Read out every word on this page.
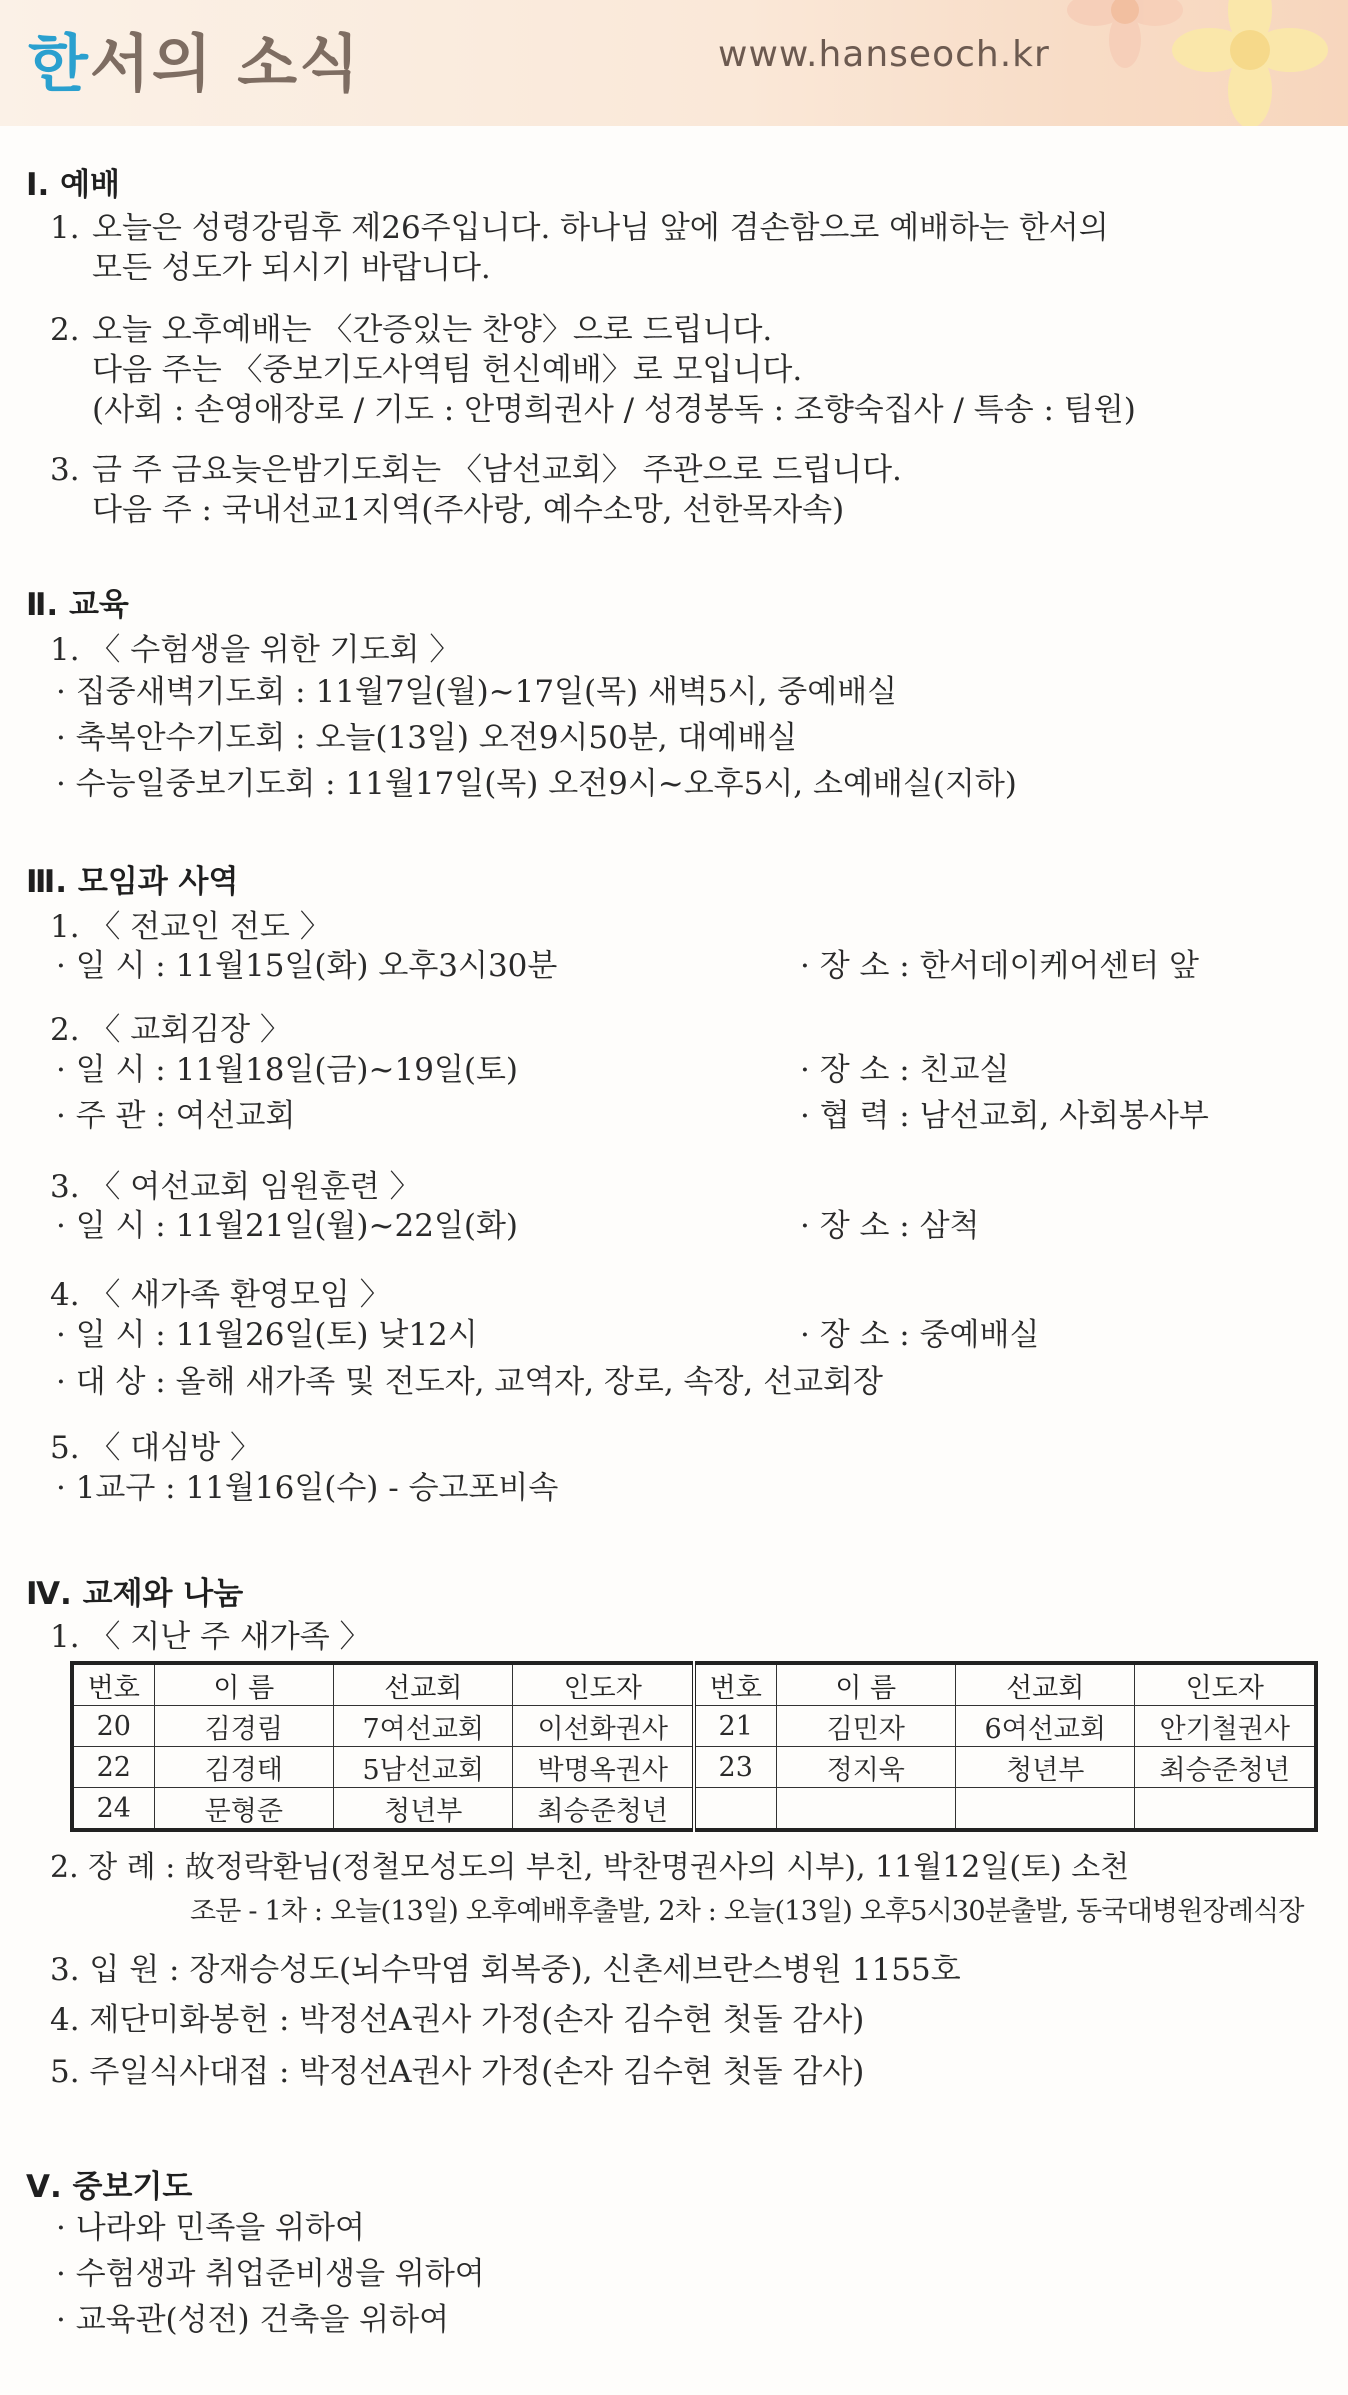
한서의 소식	www.hanseoch.kr
Ⅰ. 예배
1. 오늘은 성령강림후 제26주입니다. 하나님 앞에 겸손함으로 예배하는 한서의
모든 성도가 되시기 바랍니다.
2. 오늘 오후예배는 〈간증있는 찬양〉으로 드립니다.
다음 주는 〈중보기도사역팀 헌신예배〉로 모입니다.
(사회 : 손영애장로 / 기도 : 안명희권사 / 성경봉독 : 조향숙집사 / 특송 : 팀원)
3. 금 주 금요늦은밤기도회는 〈남선교회〉 주관으로 드립니다.
다음 주 : 국내선교1지역(주사랑, 예수소망, 선한목자속)
Ⅱ. 교육
1. 〈 수험생을 위한 기도회 〉
· 집중새벽기도회 : 11월7일(월)~17일(목) 새벽5시, 중예배실
· 축복안수기도회 : 오늘(13일) 오전9시50분, 대예배실
· 수능일중보기도회 : 11월17일(목) 오전9시~오후5시, 소예배실(지하)
Ⅲ. 모임과 사역
1. 〈 전교인 전도 〉
· 일 시 : 11월15일(화) 오후3시30분	· 장 소 : 한서데이케어센터 앞
2. 〈 교회김장 〉
· 일 시 : 11월18일(금)~19일(토)	· 장 소 : 친교실
· 주 관 : 여선교회	· 협 력 : 남선교회, 사회봉사부
3. 〈 여선교회 임원훈련 〉
· 일 시 : 11월21일(월)~22일(화)	· 장 소 : 삼척
4. 〈 새가족 환영모임 〉
· 일 시 : 11월26일(토) 낮12시	· 장 소 : 중예배실
· 대 상 : 올해 새가족 및 전도자, 교역자, 장로, 속장, 선교회장
5. 〈 대심방 〉
· 1교구 : 11월16일(수) - 승고포비속
Ⅳ. 교제와 나눔
1. 〈 지난 주 새가족 〉
번호	이 름	선교회	인도자	번호	이 름	선교회	인도자
20	김경림	7여선교회	이선화권사	21	김민자	6여선교회	안기철권사
22	김경태	5남선교회	박명옥권사	23	정지욱	청년부	최승준청년
24	문형준	청년부	최승준청년				
2. 장 례 : 故정락환님(정철모성도의 부친, 박찬명권사의 시부), 11월12일(토) 소천
조문 - 1차 : 오늘(13일) 오후예배후출발, 2차 : 오늘(13일) 오후5시30분출발, 동국대병원장례식장
3. 입 원 : 장재승성도(뇌수막염 회복중), 신촌세브란스병원 1155호
4. 제단미화봉헌 : 박정선A권사 가정(손자 김수현 첫돌 감사)
5. 주일식사대접 : 박정선A권사 가정(손자 김수현 첫돌 감사)
Ⅴ. 중보기도
· 나라와 민족을 위하여
· 수험생과 취업준비생을 위하여
· 교육관(성전) 건축을 위하여
